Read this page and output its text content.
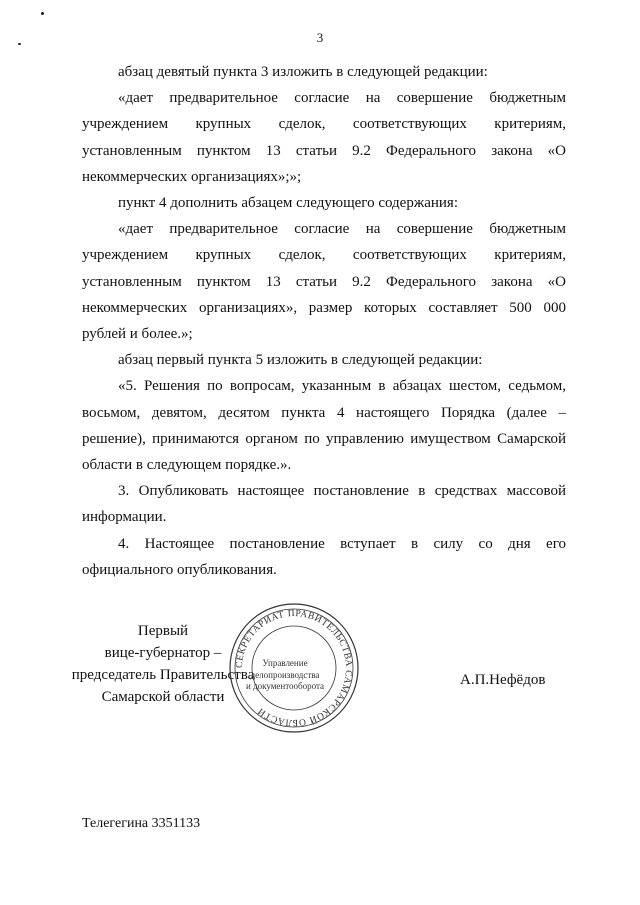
3

абзац девятый пункта 3 изложить в следующей редакции:

«дает предварительное согласие на совершение бюджетным учреждением крупных сделок, соответствующих критериям, установленным пунктом 13 статьи 9.2 Федерального закона «О некоммерческих организациях»;»;

пункт 4 дополнить абзацем следующего содержания:

«дает предварительное согласие на совершение бюджетным учреждением крупных сделок, соответствующих критериям, установленным пунктом 13 статьи 9.2 Федерального закона «О некоммерческих организациях», размер которых составляет 500 000 рублей и более.»;

абзац первый пункта 5 изложить в следующей редакции:

«5. Решения по вопросам, указанным в абзацах шестом, седьмом, восьмом, девятом, десятом пункта 4 настоящего Порядка (далее – решение), принимаются органом по управлению имуществом Самарской области в следующем порядке.».

3. Опубликовать настоящее постановление в средствах массовой информации.

4. Настоящее постановление вступает в силу со дня его официального опубликования.

Первый
вице-губернатор –
председатель Правительства
Самарской области
СЕКРЕТАРИАТ ПРАВИТЕЛЬСТВА САМАРСКОЙ ОБЛАСТИ
Управление
делопроизводства
и документооборота	А.П.Нефёдов
Телегегина 3351133
